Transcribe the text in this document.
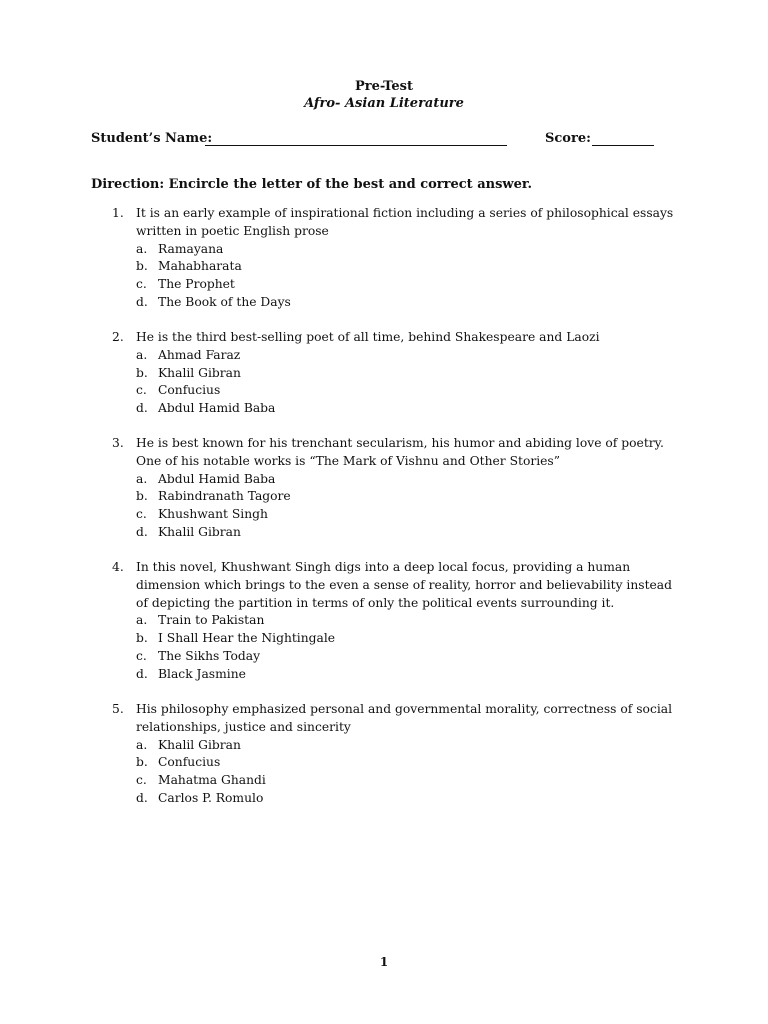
Pre-Test
Afro- Asian Literature
Student’s Name:	Score:
Direction: Encircle the letter of the best and correct answer.
1. It is an early example of inspirational fiction including a series of philosophical essays written in poetic English prose
a. Ramayana
b. Mahabharata
c. The Prophet
d. The Book of the Days
2. He is the third best-selling poet of all time, behind Shakespeare and Laozi
a. Ahmad Faraz
b. Khalil Gibran
c. Confucius
d. Abdul Hamid Baba
3. He is best known for his trenchant secularism, his humor and abiding love of poetry. One of his notable works is “The Mark of Vishnu and Other Stories”
a. Abdul Hamid Baba
b. Rabindranath Tagore
c. Khushwant Singh
d. Khalil Gibran
4. In this novel, Khushwant Singh digs into a deep local focus, providing a human dimension which brings to the even a sense of reality, horror and believability instead of depicting the partition in terms of only the political events surrounding it.
a. Train to Pakistan
b. I Shall Hear the Nightingale
c. The Sikhs Today
d. Black Jasmine
5. His philosophy emphasized personal and governmental morality, correctness of social relationships, justice and sincerity
a. Khalil Gibran
b. Confucius
c. Mahatma Ghandi
d. Carlos P. Romulo
1
